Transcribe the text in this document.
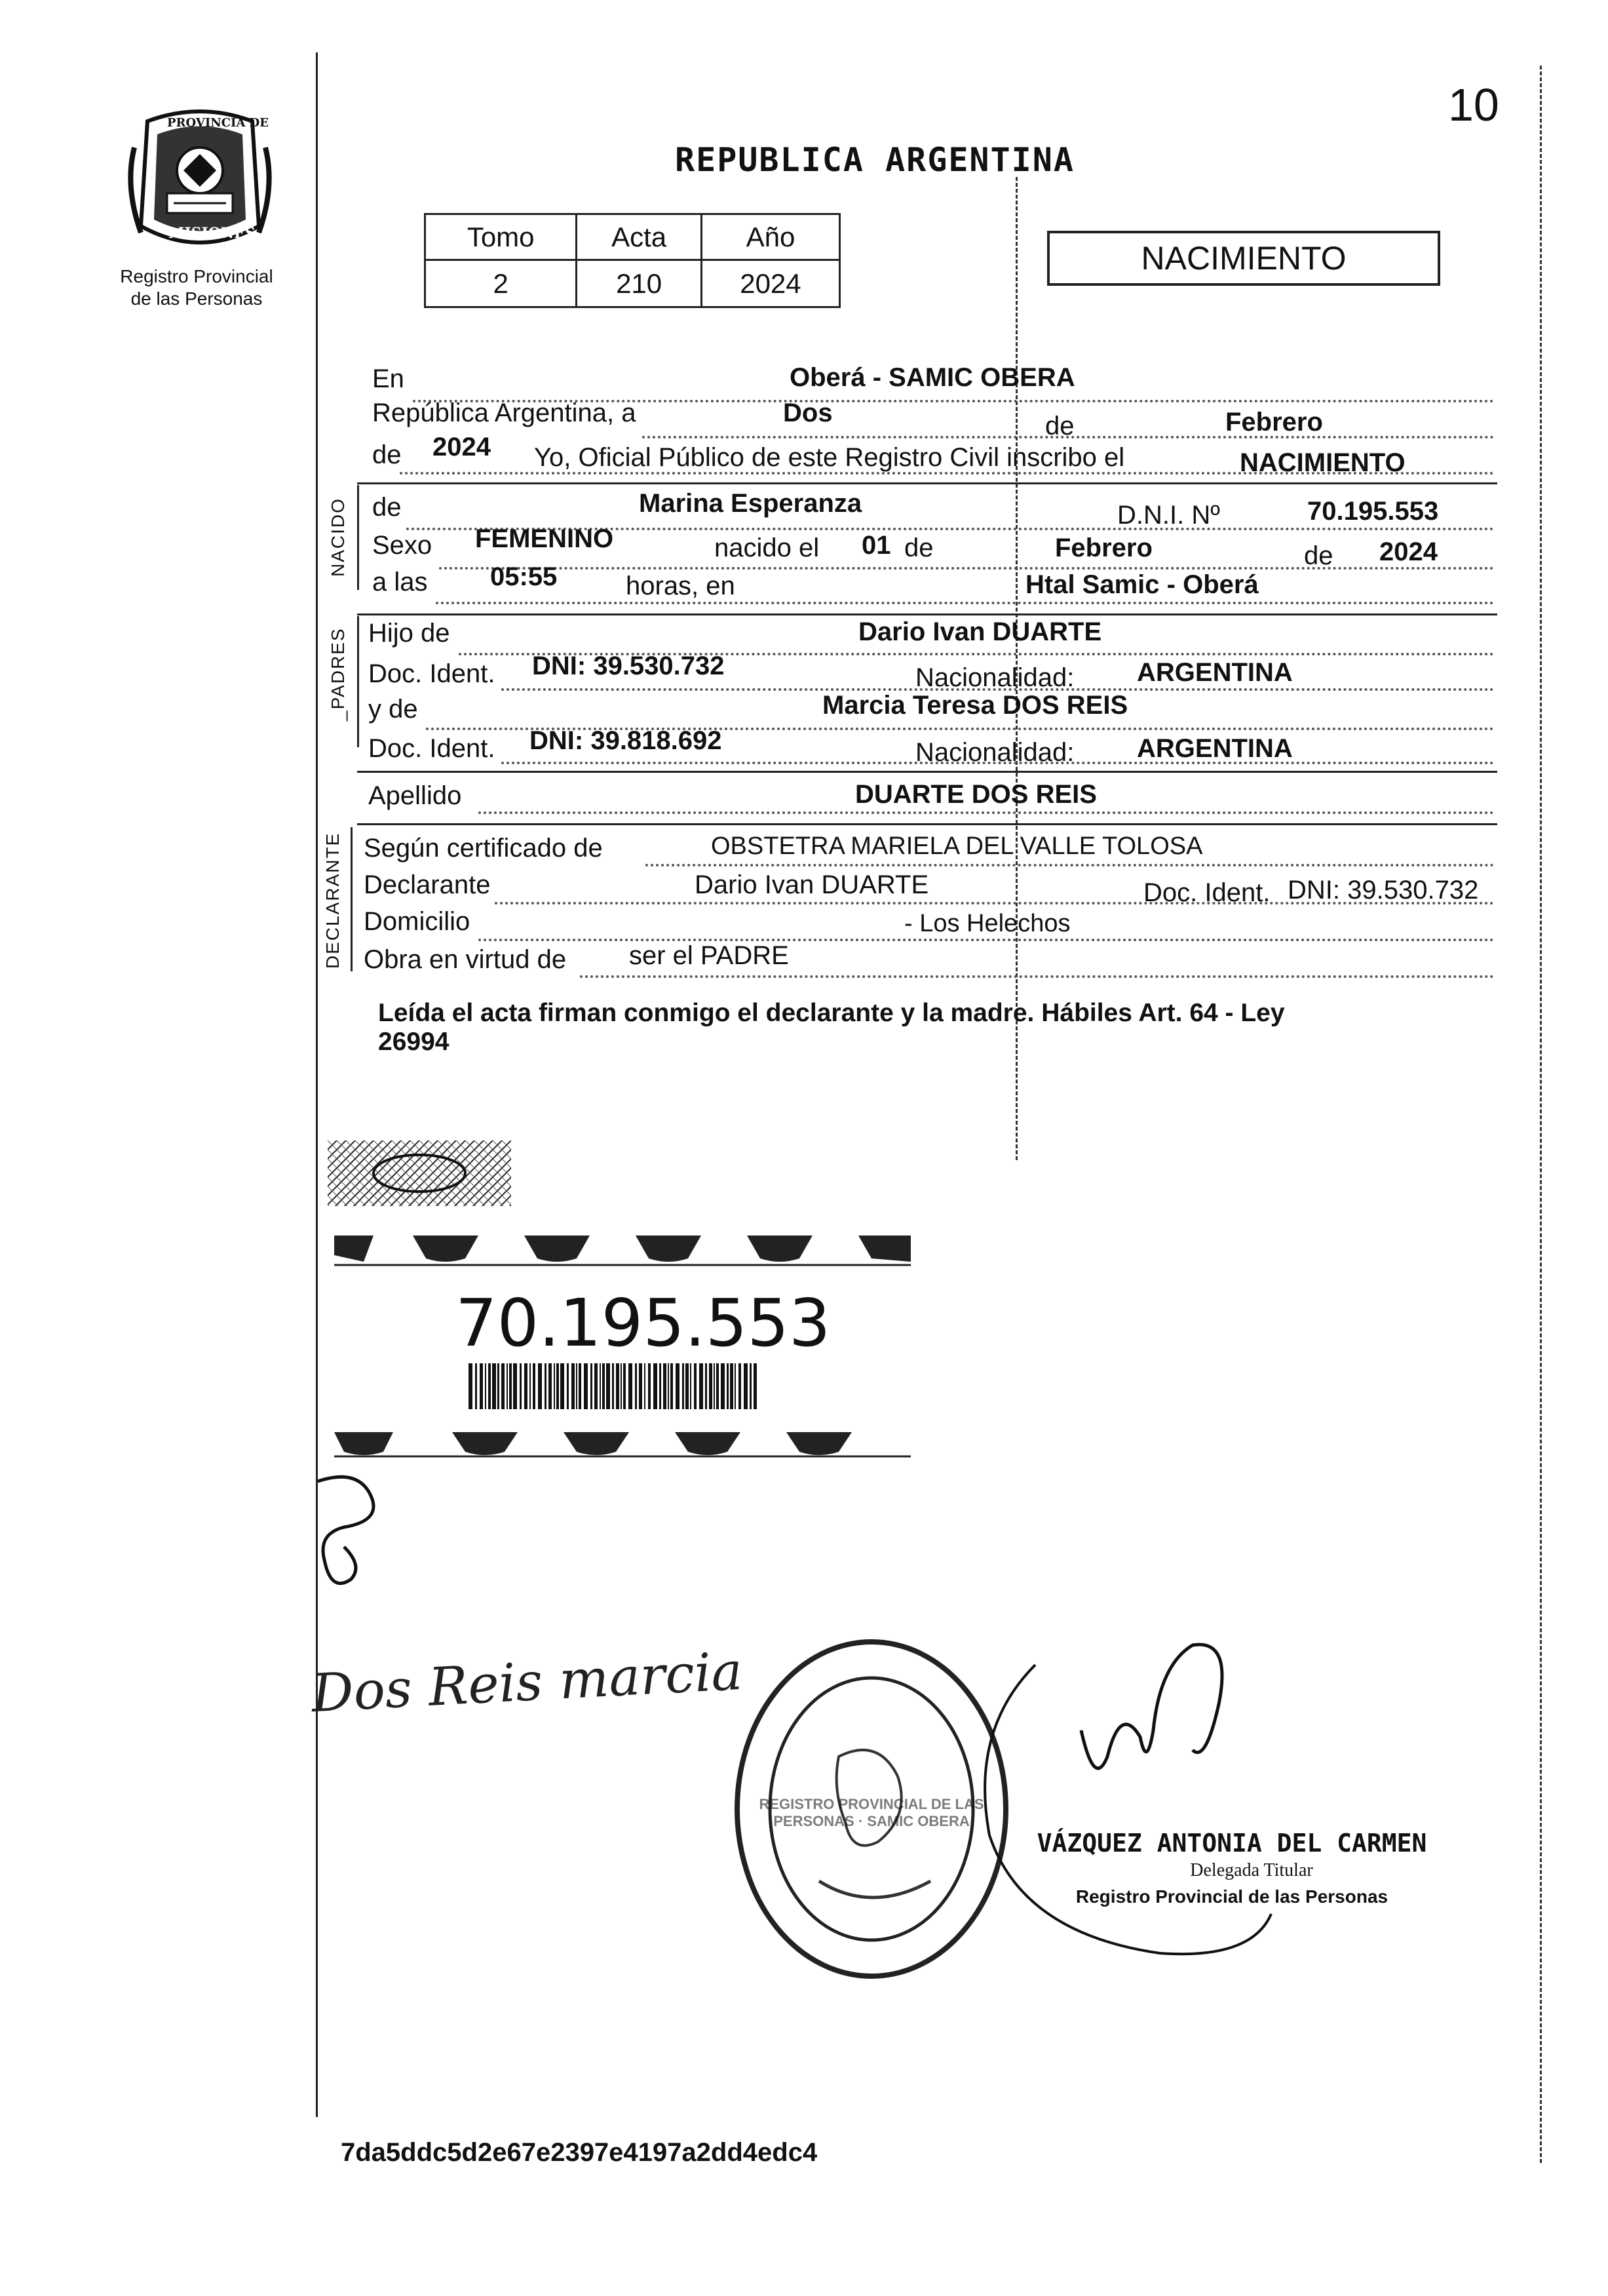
10
PROVINCIA DE
MISIONES
Registro Provincial
de las Personas
REPUBLICA ARGENTINA
Tomo	Acta	Año
2	210	2024
NACIMIENTO
En	Oberá - SAMIC OBERA
República Argentina, a	Dos	de	Febrero
de 2024 Yo, Oficial Público de este Registro Civil inscribo el	NACIMIENTO
NACIDO de	Marina Esperanza	D.N.I. Nº	70.195.553
Sexo FEMENINO	nacido el 01 de	Febrero	de 2024
a las 05:55	horas, en	Htal Samic - Oberá
_PADRES Hijo de	Dario Ivan DUARTE
Doc. Ident. DNI: 39.530.732	Nacionalidad: ARGENTINA
y de	Marcia Teresa DOS REIS
Doc. Ident. DNI: 39.818.692	Nacionalidad: ARGENTINA
Apellido	DUARTE DOS REIS
DECLARANTE Según certificado de	OBSTETRA MARIELA DEL VALLE TOLOSA
Declarante	Dario Ivan DUARTE	Doc. Ident. DNI: 39.530.732
Domicilio	- Los Helechos
Obra en virtud de ser el PADRE
Leída el acta firman conmigo el declarante y la madre. Hábiles Art. 64 - Ley
26994
70.195.553
Dos Reis marcia
REGISTRO PROVINCIAL DE LAS PERSONAS · SAMIC OBERA
VÁZQUEZ ANTONIA DEL CARMEN
Delegada Titular
Registro Provincial de las Personas
7da5ddc5d2e67e2397e4197a2dd4edc4
